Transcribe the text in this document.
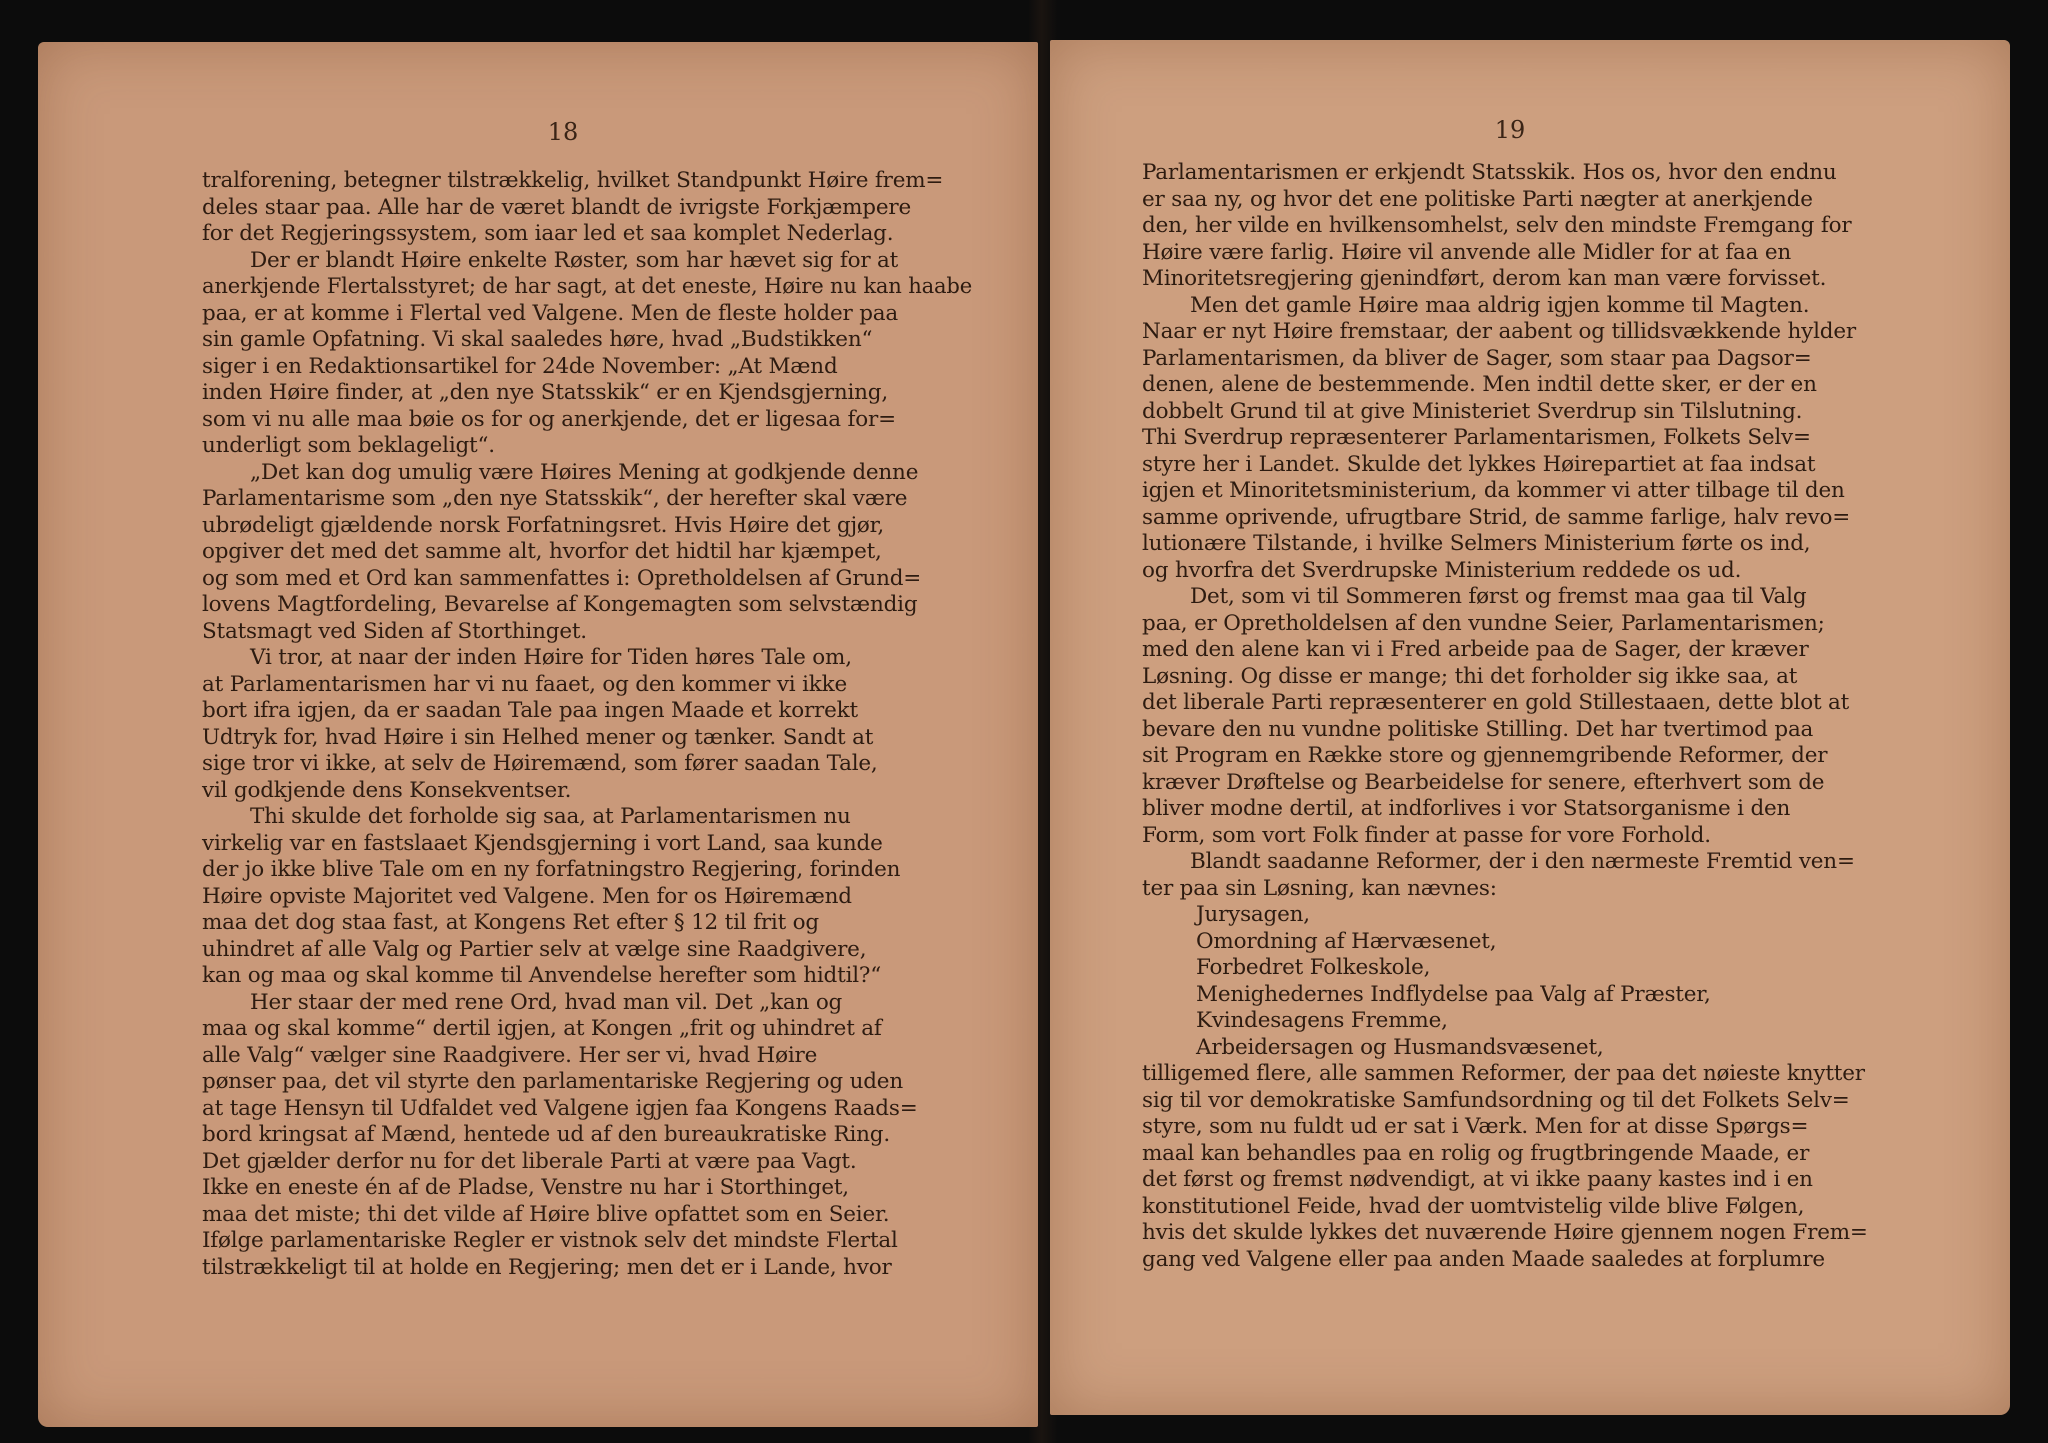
18
tralforening, betegner tilstrækkelig, hvilket Standpunkt Høire frem=
deles staar paa. Alle har de været blandt de ivrigste Forkjæmpere
for det Regjeringssystem, som iaar led et saa komplet Nederlag.
Der er blandt Høire enkelte Røster, som har hævet sig for at
anerkjende Flertalsstyret; de har sagt, at det eneste, Høire nu kan haabe
paa, er at komme i Flertal ved Valgene. Men de fleste holder paa
sin gamle Opfatning. Vi skal saaledes høre, hvad „Budstikken“
siger i en Redaktionsartikel for 24de November: „At Mænd
inden Høire finder, at „den nye Statsskik“ er en Kjendsgjerning,
som vi nu alle maa bøie os for og anerkjende, det er ligesaa for=
underligt som beklageligt“.
„Det kan dog umulig være Høires Mening at godkjende denne
Parlamentarisme som „den nye Statsskik“, der herefter skal være
ubrødeligt gjældende norsk Forfatningsret. Hvis Høire det gjør,
opgiver det med det samme alt, hvorfor det hidtil har kjæmpet,
og som med et Ord kan sammenfattes i: Opretholdelsen af Grund=
lovens Magtfordeling, Bevarelse af Kongemagten som selvstændig
Statsmagt ved Siden af Storthinget.
Vi tror, at naar der inden Høire for Tiden høres Tale om,
at Parlamentarismen har vi nu faaet, og den kommer vi ikke
bort ifra igjen, da er saadan Tale paa ingen Maade et korrekt
Udtryk for, hvad Høire i sin Helhed mener og tænker. Sandt at
sige tror vi ikke, at selv de Høiremænd, som fører saadan Tale,
vil godkjende dens Konsekventser.
Thi skulde det forholde sig saa, at Parlamentarismen nu
virkelig var en fastslaaet Kjendsgjerning i vort Land, saa kunde
der jo ikke blive Tale om en ny forfatningstro Regjering, forinden
Høire opviste Majoritet ved Valgene. Men for os Høiremænd
maa det dog staa fast, at Kongens Ret efter § 12 til frit og
uhindret af alle Valg og Partier selv at vælge sine Raadgivere,
kan og maa og skal komme til Anvendelse herefter som hidtil?“
Her staar der med rene Ord, hvad man vil. Det „kan og
maa og skal komme“ dertil igjen, at Kongen „frit og uhindret af
alle Valg“ vælger sine Raadgivere. Her ser vi, hvad Høire
pønser paa, det vil styrte den parlamentariske Regjering og uden
at tage Hensyn til Udfaldet ved Valgene igjen faa Kongens Raads=
bord kringsat af Mænd, hentede ud af den bureaukratiske Ring.
Det gjælder derfor nu for det liberale Parti at være paa Vagt.
Ikke en eneste én af de Pladse, Venstre nu har i Storthinget,
maa det miste; thi det vilde af Høire blive opfattet som en Seier.
Ifølge parlamentariske Regler er vistnok selv det mindste Flertal
tilstrækkeligt til at holde en Regjering; men det er i Lande, hvor
19
Parlamentarismen er erkjendt Statsskik. Hos os, hvor den endnu
er saa ny, og hvor det ene politiske Parti nægter at anerkjende
den, her vilde en hvilkensomhelst, selv den mindste Fremgang for
Høire være farlig. Høire vil anvende alle Midler for at faa en
Minoritetsregjering gjenindført, derom kan man være forvisset.
Men det gamle Høire maa aldrig igjen komme til Magten.
Naar er nyt Høire fremstaar, der aabent og tillidsvækkende hylder
Parlamentarismen, da bliver de Sager, som staar paa Dagsor=
denen, alene de bestemmende. Men indtil dette sker, er der en
dobbelt Grund til at give Ministeriet Sverdrup sin Tilslutning.
Thi Sverdrup repræsenterer Parlamentarismen, Folkets Selv=
styre her i Landet. Skulde det lykkes Høirepartiet at faa indsat
igjen et Minoritetsministerium, da kommer vi atter tilbage til den
samme oprivende, ufrugtbare Strid, de samme farlige, halv revo=
lutionære Tilstande, i hvilke Selmers Ministerium førte os ind,
og hvorfra det Sverdrupske Ministerium reddede os ud.
Det, som vi til Sommeren først og fremst maa gaa til Valg
paa, er Opretholdelsen af den vundne Seier, Parlamentarismen;
med den alene kan vi i Fred arbeide paa de Sager, der kræver
Løsning. Og disse er mange; thi det forholder sig ikke saa, at
det liberale Parti repræsenterer en gold Stillestaaen, dette blot at
bevare den nu vundne politiske Stilling. Det har tvertimod paa
sit Program en Række store og gjennemgribende Reformer, der
kræver Drøftelse og Bearbeidelse for senere, efterhvert som de
bliver modne dertil, at indforlives i vor Statsorganisme i den
Form, som vort Folk finder at passe for vore Forhold.
Blandt saadanne Reformer, der i den nærmeste Fremtid ven=
ter paa sin Løsning, kan nævnes:
Jurysagen,
Omordning af Hærvæsenet,
Forbedret Folkeskole,
Menighedernes Indflydelse paa Valg af Præster,
Kvindesagens Fremme,
Arbeidersagen og Husmandsvæsenet,
tilligemed flere, alle sammen Reformer, der paa det nøieste knytter
sig til vor demokratiske Samfundsordning og til det Folkets Selv=
styre, som nu fuldt ud er sat i Værk. Men for at disse Spørgs=
maal kan behandles paa en rolig og frugtbringende Maade, er
det først og fremst nødvendigt, at vi ikke paany kastes ind i en
konstitutionel Feide, hvad der uomtvistelig vilde blive Følgen,
hvis det skulde lykkes det nuværende Høire gjennem nogen Frem=
gang ved Valgene eller paa anden Maade saaledes at forplumre
